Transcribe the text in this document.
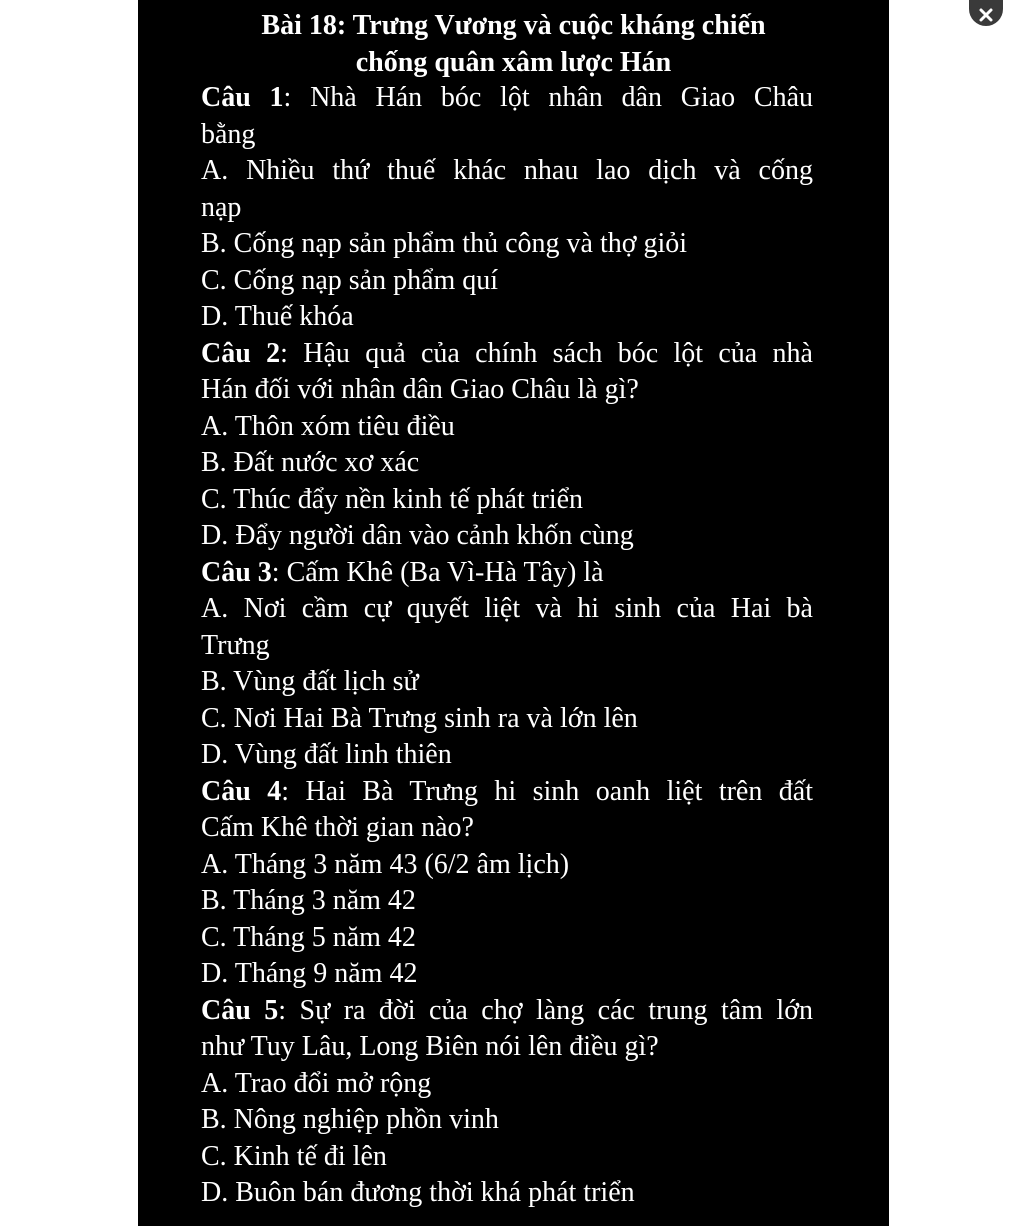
Bài 18: Trưng Vương và cuộc kháng chiến
chống quân xâm lược Hán
Câu 1: Nhà Hán bóc lột nhân dân Giao Châu
bằng
A. Nhiều thứ thuế khác nhau lao dịch và cống
nạp
B. Cống nạp sản phẩm thủ công và thợ giỏi
C. Cống nạp sản phẩm quí
D. Thuế khóa
Câu 2: Hậu quả của chính sách bóc lột của nhà
Hán đối với nhân dân Giao Châu là gì?
A. Thôn xóm tiêu điều
B. Đất nước xơ xác
C. Thúc đẩy nền kinh tế phát triển
D. Đẩy người dân vào cảnh khốn cùng
Câu 3: Cấm Khê (Ba Vì-Hà Tây) là
A. Nơi cầm cự quyết liệt và hi sinh của Hai bà
Trưng
B. Vùng đất lịch sử
C. Nơi Hai Bà Trưng sinh ra và lớn lên
D. Vùng đất linh thiên
Câu 4: Hai Bà Trưng hi sinh oanh liệt trên đất
Cấm Khê thời gian nào?
A. Tháng 3 năm 43 (6/2 âm lịch)
B. Tháng 3 năm 42
C. Tháng 5 năm 42
D. Tháng 9 năm 42
Câu 5: Sự ra đời của chợ làng các trung tâm lớn
như Tuy Lâu, Long Biên nói lên điều gì?
A. Trao đổi mở rộng
B. Nông nghiệp phồn vinh
C. Kinh tế đi lên
D. Buôn bán đương thời khá phát triển
